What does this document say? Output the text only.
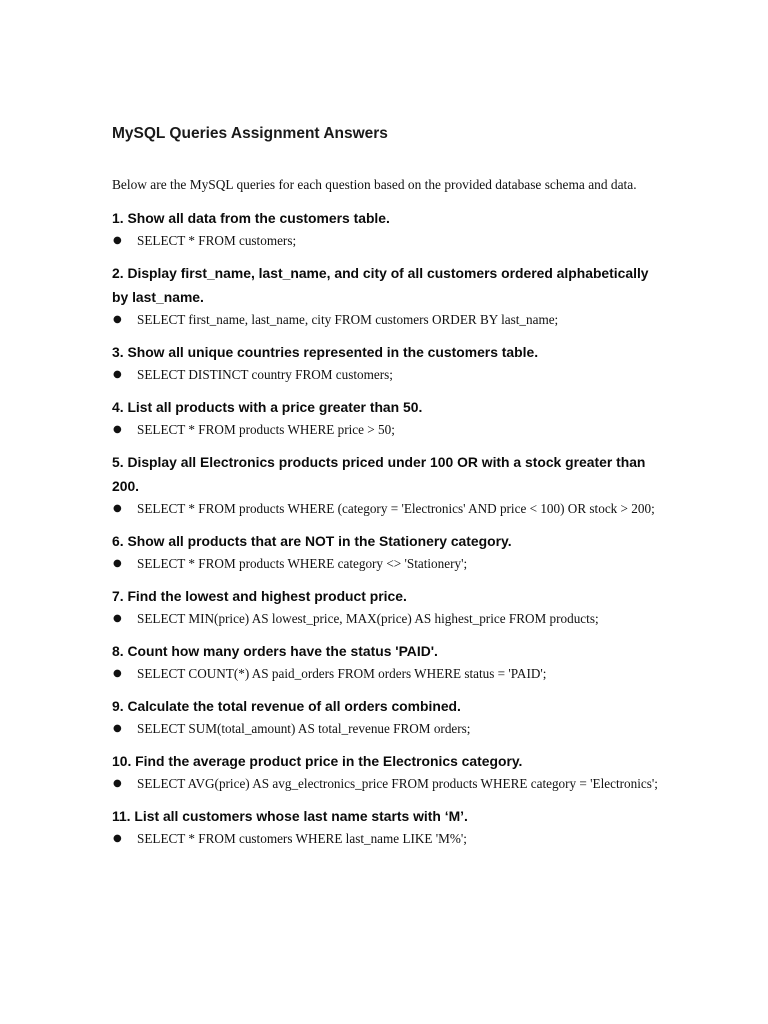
MySQL Queries Assignment Answers

Below are the MySQL queries for each question based on the provided database schema and data.

1. Show all data from the customers table.
●	SELECT * FROM customers;
2. Display first_name, last_name, and city of all customers ordered alphabetically by last_name.
●	SELECT first_name, last_name, city FROM customers ORDER BY last_name;
3. Show all unique countries represented in the customers table.
●	SELECT DISTINCT country FROM customers;
4. List all products with a price greater than 50.
●	SELECT * FROM products WHERE price > 50;
5. Display all Electronics products priced under 100 OR with a stock greater than 200.
●	SELECT * FROM products WHERE (category = 'Electronics' AND price < 100) OR stock > 200;
6. Show all products that are NOT in the Stationery category.
●	SELECT * FROM products WHERE category <> 'Stationery';
7. Find the lowest and highest product price.
●	SELECT MIN(price) AS lowest_price, MAX(price) AS highest_price FROM products;
8. Count how many orders have the status 'PAID'.
●	SELECT COUNT(*) AS paid_orders FROM orders WHERE status = 'PAID';
9. Calculate the total revenue of all orders combined.
●	SELECT SUM(total_amount) AS total_revenue FROM orders;
10. Find the average product price in the Electronics category.
●	SELECT AVG(price) AS avg_electronics_price FROM products WHERE category = 'Electronics';
11. List all customers whose last name starts with ‘M’.
●	SELECT * FROM customers WHERE last_name LIKE 'M%';
